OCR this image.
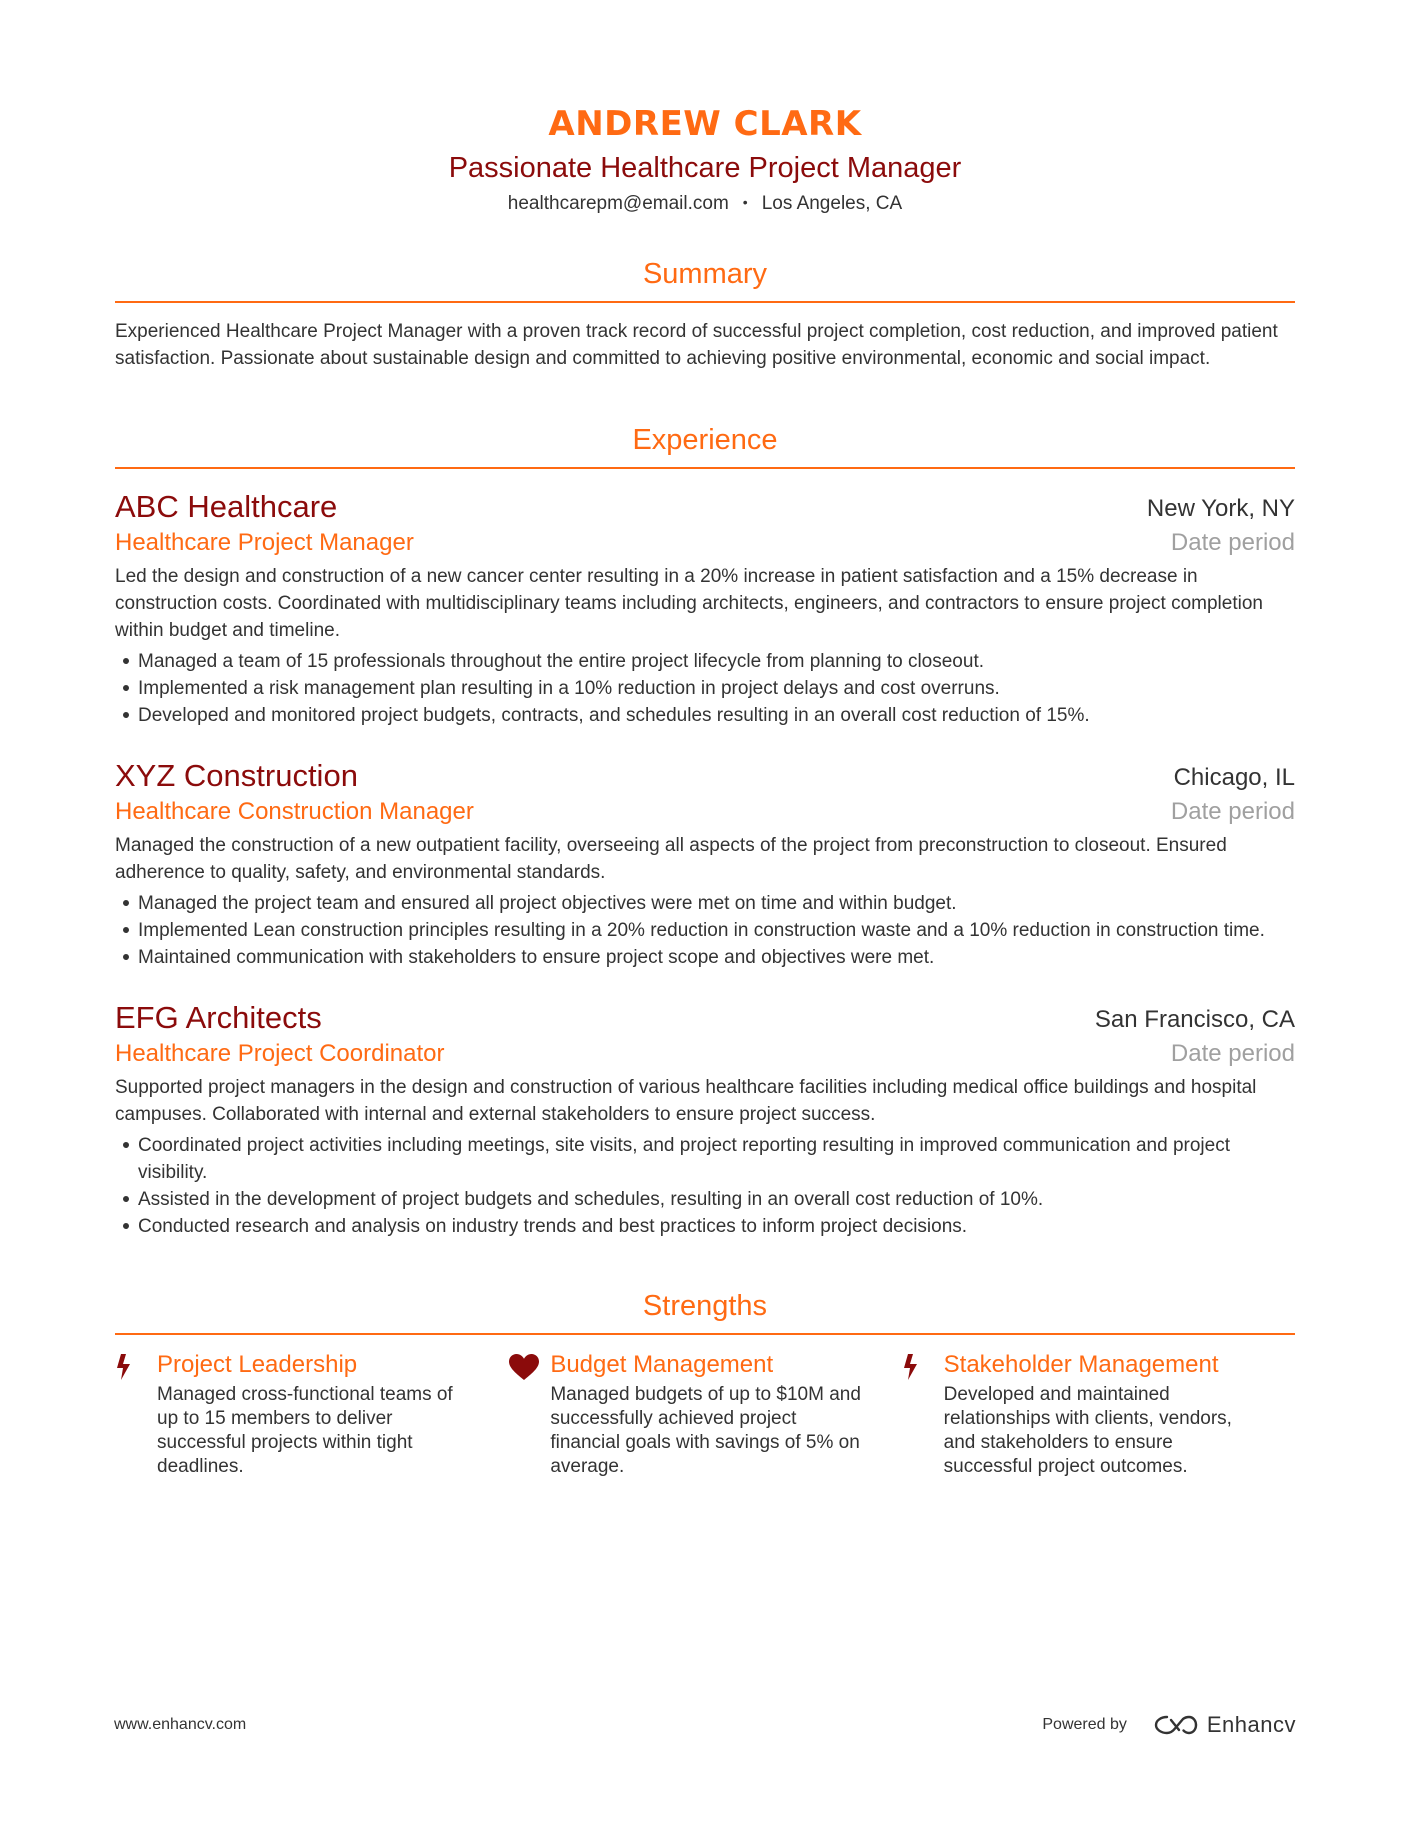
ANDREW CLARK
Passionate Healthcare Project Manager
healthcarepm@email.com • Los Angeles, CA
Summary
Experienced Healthcare Project Manager with a proven track record of successful project completion, cost reduction, and improved patient satisfaction. Passionate about sustainable design and committed to achieving positive environmental, economic and social impact.
Experience
ABC Healthcare	New York, NY
Healthcare Project Manager	Date period
Led the design and construction of a new cancer center resulting in a 20% increase in patient satisfaction and a 15% decrease in construction costs. Coordinated with multidisciplinary teams including architects, engineers, and contractors to ensure project completion within budget and timeline.
Managed a team of 15 professionals throughout the entire project lifecycle from planning to closeout.
Implemented a risk management plan resulting in a 10% reduction in project delays and cost overruns.
Developed and monitored project budgets, contracts, and schedules resulting in an overall cost reduction of 15%.
XYZ Construction	Chicago, IL
Healthcare Construction Manager	Date period
Managed the construction of a new outpatient facility, overseeing all aspects of the project from preconstruction to closeout. Ensured adherence to quality, safety, and environmental standards.
Managed the project team and ensured all project objectives were met on time and within budget.
Implemented Lean construction principles resulting in a 20% reduction in construction waste and a 10% reduction in construction time.
Maintained communication with stakeholders to ensure project scope and objectives were met.
EFG Architects	San Francisco, CA
Healthcare Project Coordinator	Date period
Supported project managers in the design and construction of various healthcare facilities including medical office buildings and hospital campuses. Collaborated with internal and external stakeholders to ensure project success.
Coordinated project activities including meetings, site visits, and project reporting resulting in improved communication and project visibility.
Assisted in the development of project budgets and schedules, resulting in an overall cost reduction of 10%.
Conducted research and analysis on industry trends and best practices to inform project decisions.
Strengths
Project Leadership

Managed cross-functional teams of up to 15 members to deliver successful projects within tight deadlines.

Budget Management

Managed budgets of up to $10M and successfully achieved project financial goals with savings of 5% on average.

Stakeholder Management

Developed and maintained relationships with clients, vendors, and stakeholders to ensure successful project outcomes.

www.enhancv.com	Powered by	Enhancv
